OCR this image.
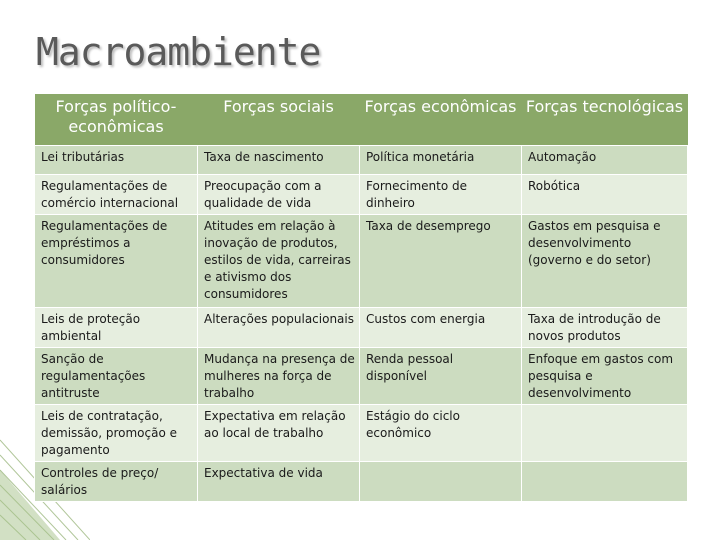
Macroambiente
Forças político-econômicas	Forças sociais	Forças econômicas	Forças tecnológicas
Lei tributárias	Taxa de nascimento	Política monetária	Automação
Regulamentações de comércio internacional	Preocupação com a qualidade de vida	Fornecimento de dinheiro	Robótica
Regulamentações de empréstimos a consumidores	Atitudes em relação à inovação de produtos, estilos de vida, carreiras e ativismo dos consumidores	Taxa de desemprego	Gastos em pesquisa e desenvolvimento (governo e do setor)
Leis de proteção ambiental	Alterações populacionais	Custos com energia	Taxa de introdução de novos produtos
Sanção de regulamentações antitruste	Mudança na presença de mulheres na força de trabalho	Renda pessoal disponível	Enfoque em gastos com pesquisa e desenvolvimento
Leis de contratação, demissão, promoção e pagamento	Expectativa em relação ao local de trabalho	Estágio do ciclo econômico	
Controles de preço/ salários	Expectativa de vida		
